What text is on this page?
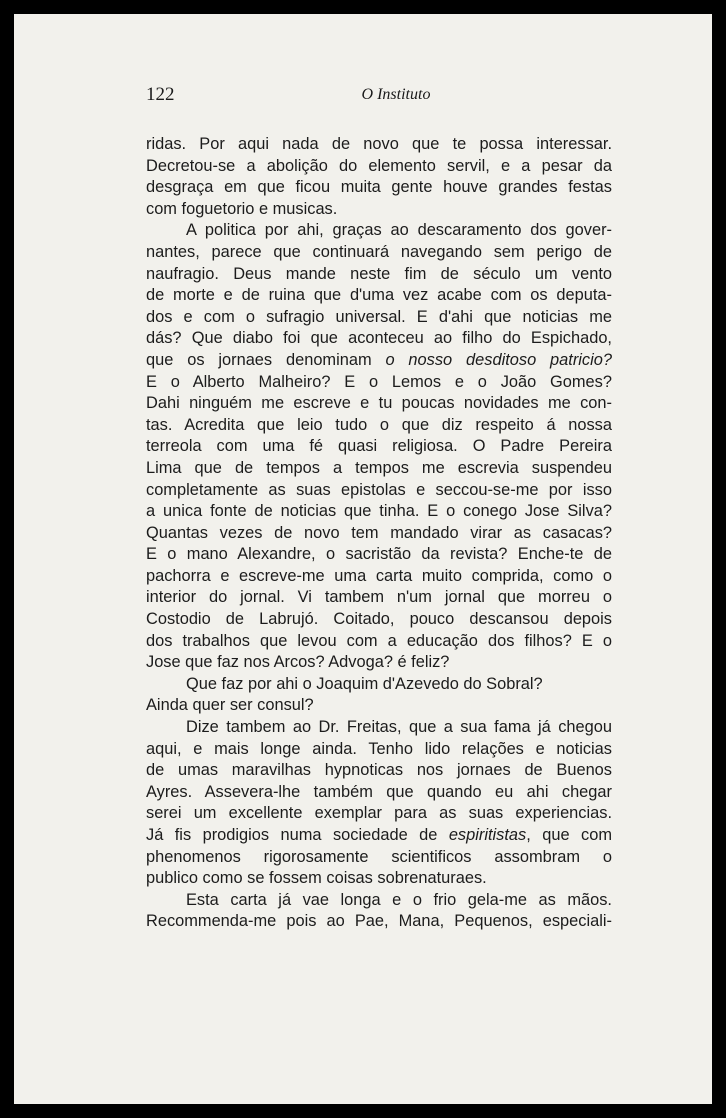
122	O Instituto
ridas. Por aqui nada de novo que te possa interessar.
Decretou-se a abolição do elemento servil, e a pesar da
desgraça em que ficou muita gente houve grandes festas
com foguetorio e musicas.
A politica por ahi, graças ao descaramento dos gover-
nantes, parece que continuará navegando sem perigo de
naufragio. Deus mande neste fim de século um vento
de morte e de ruina que d'uma vez acabe com os deputa-
dos e com o sufragio universal. E d'ahi que noticias me
dás? Que diabo foi que aconteceu ao filho do Espichado,
que os jornaes denominam o nosso desditoso patricio?
E o Alberto Malheiro? E o Lemos e o João Gomes?
Dahi ninguém me escreve e tu poucas novidades me con-
tas. Acredita que leio tudo o que diz respeito á nossa
terreola com uma fé quasi religiosa. O Padre Pereira
Lima que de tempos a tempos me escrevia suspendeu
completamente as suas epistolas e seccou-se-me por isso
a unica fonte de noticias que tinha. E o conego Jose Silva?
Quantas vezes de novo tem mandado virar as casacas?
E o mano Alexandre, o sacristão da revista? Enche-te de
pachorra e escreve-me uma carta muito comprida, como o
interior do jornal. Vi tambem n'um jornal que morreu o
Costodio de Labrujó. Coitado, pouco descansou depois
dos trabalhos que levou com a educação dos filhos? E o
Jose que faz nos Arcos? Advoga? é feliz?
Que faz por ahi o Joaquim d'Azevedo do Sobral?
Ainda quer ser consul?
Dize tambem ao Dr. Freitas, que a sua fama já chegou
aqui, e mais longe ainda. Tenho lido relações e noticias
de umas maravilhas hypnoticas nos jornaes de Buenos
Ayres. Assevera-lhe também que quando eu ahi chegar
serei um excellente exemplar para as suas experiencias.
Já fis prodigios numa sociedade de espiritistas, que com
phenomenos rigorosamente scientificos assombram o
publico como se fossem coisas sobrenaturaes.
Esta carta já vae longa e o frio gela-me as mãos.
Recommenda-me pois ao Pae, Mana, Pequenos, especiali-
